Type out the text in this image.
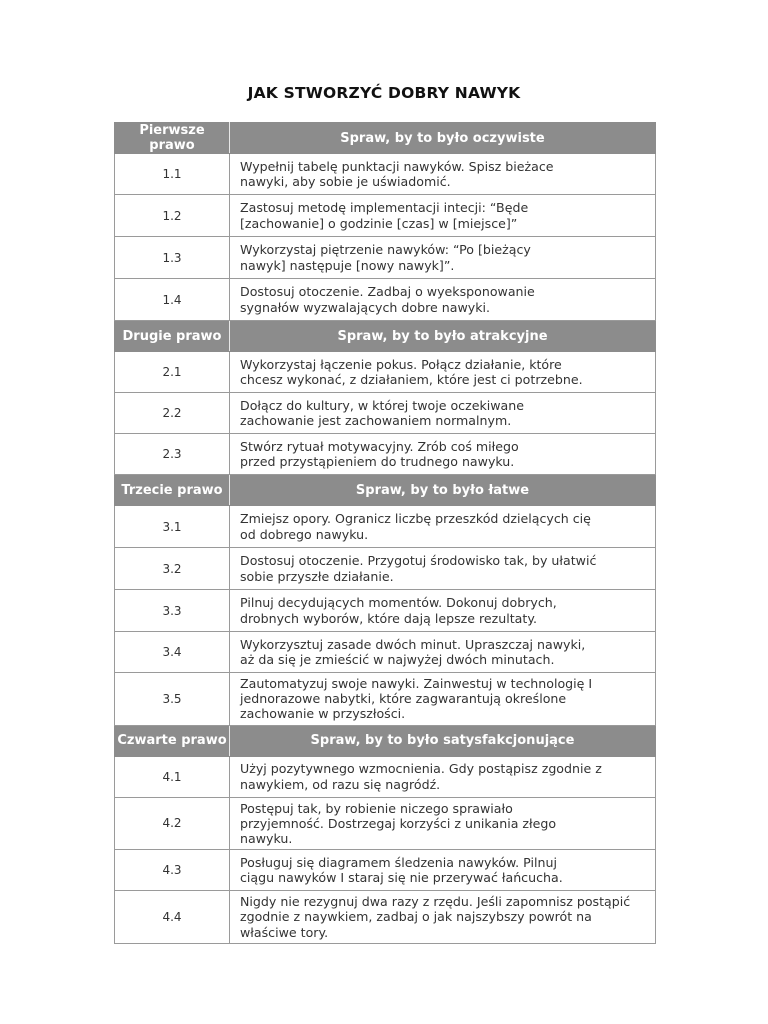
JAK STWORZYĆ DOBRY NAWYK
Pierwsze prawo	Spraw, by to było oczywiste
1.1	Wypełnij tabelę punktacji nawyków. Spisz bieżace
nawyki, aby sobie je uświadomić.
1.2	Zastosuj metodę implementacji intecji: “Będe
[zachowanie] o godzinie [czas] w [miejsce]”
1.3	Wykorzystaj piętrzenie nawyków: “Po [bieżący
nawyk] następuje [nowy nawyk]”.
1.4	Dostosuj otoczenie. Zadbaj o wyeksponowanie
sygnałów wyzwalających dobre nawyki.
Drugie prawo	Spraw, by to było atrakcyjne
2.1	Wykorzystaj łączenie pokus. Połącz działanie, które
chcesz wykonać, z działaniem, które jest ci potrzebne.
2.2	Dołącz do kultury, w której twoje oczekiwane
zachowanie jest zachowaniem normalnym.
2.3	Stwórz rytuał motywacyjny. Zrób coś miłego
przed przystąpieniem do trudnego nawyku.
Trzecie prawo	Spraw, by to było łatwe
3.1	Zmiejsz opory. Ogranicz liczbę przeszkód dzielących cię
od dobrego nawyku.
3.2	Dostosuj otoczenie. Przygotuj środowisko tak, by ułatwić
sobie przyszłe działanie.
3.3	Pilnuj decydujących momentów. Dokonuj dobrych,
drobnych wyborów, które dają lepsze rezultaty.
3.4	Wykorzysztuj zasade dwóch minut. Upraszczaj nawyki,
aż da się je zmieścić w najwyżej dwóch minutach.
3.5	Zautomatyzuj swoje nawyki. Zainwestuj w technologię I
jednorazowe nabytki, które zagwarantują określone
zachowanie w przyszłości.
Czwarte prawo	Spraw, by to było satysfakcjonujące
4.1	Użyj pozytywnego wzmocnienia. Gdy postąpisz zgodnie z
nawykiem, od razu się nagródź.
4.2	Postępuj tak, by robienie niczego sprawiało
przyjemność. Dostrzegaj korzyści z unikania złego
nawyku.
4.3	Posługuj się diagramem śledzenia nawyków. Pilnuj
ciągu nawyków I staraj się nie przerywać łańcucha.
4.4	Nigdy nie rezygnuj dwa razy z rzędu. Jeśli zapomnisz postąpić
zgodnie z naywkiem, zadbaj o jak najszybszy powrót na
właściwe tory.
